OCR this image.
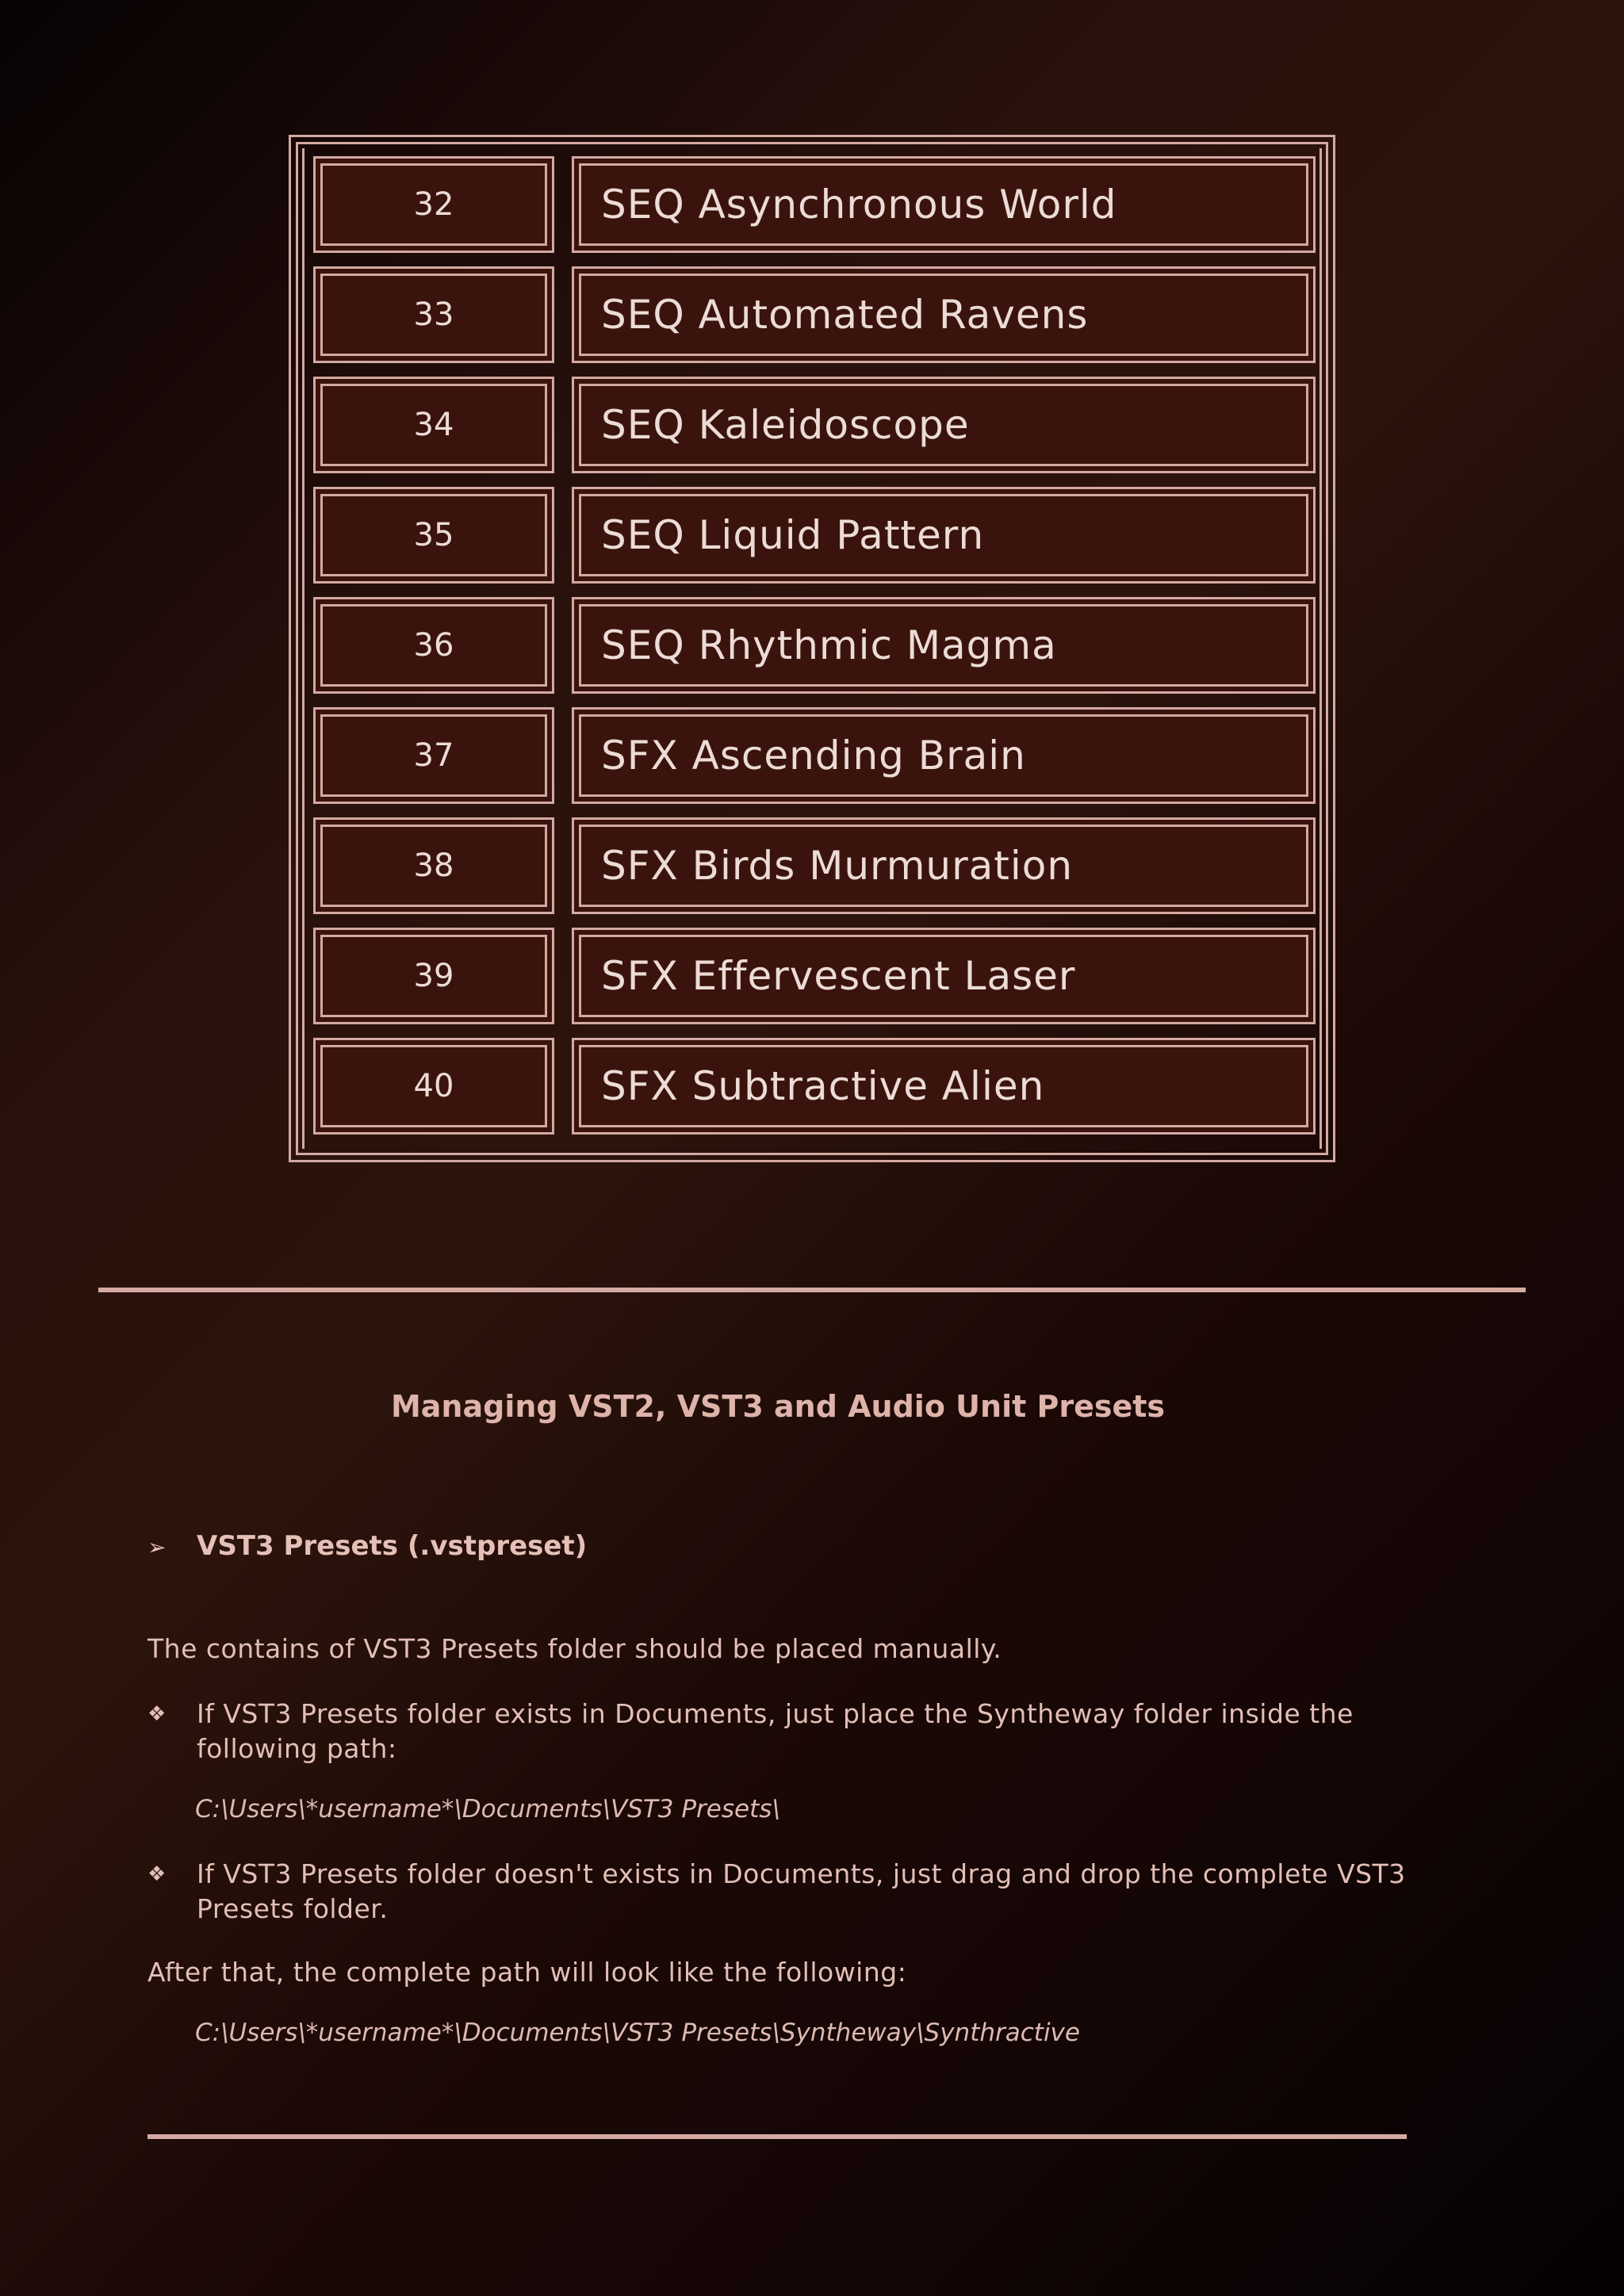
32	SEQ Asynchronous World
33	SEQ Automated Ravens
34	SEQ Kaleidoscope
35	SEQ Liquid Pattern
36	SEQ Rhythmic Magma
37	SFX Ascending Brain
38	SFX Birds Murmuration
39	SFX Effervescent Laser
40	SFX Subtractive Alien
Managing VST2, VST3 and Audio Unit Presets
➢ VST3 Presets (.vstpreset)
The contains of VST3 Presets folder should be placed manually.
❖ If VST3 Presets folder exists in Documents, just place the Syntheway folder inside the following path:
C:\Users\*username*\Documents\VST3 Presets\
❖ If VST3 Presets folder doesn't exists in Documents, just drag and drop the complete VST3 Presets folder.
After that, the complete path will look like the following:
C:\Users\*username*\Documents\VST3 Presets\Syntheway\Synthractive
